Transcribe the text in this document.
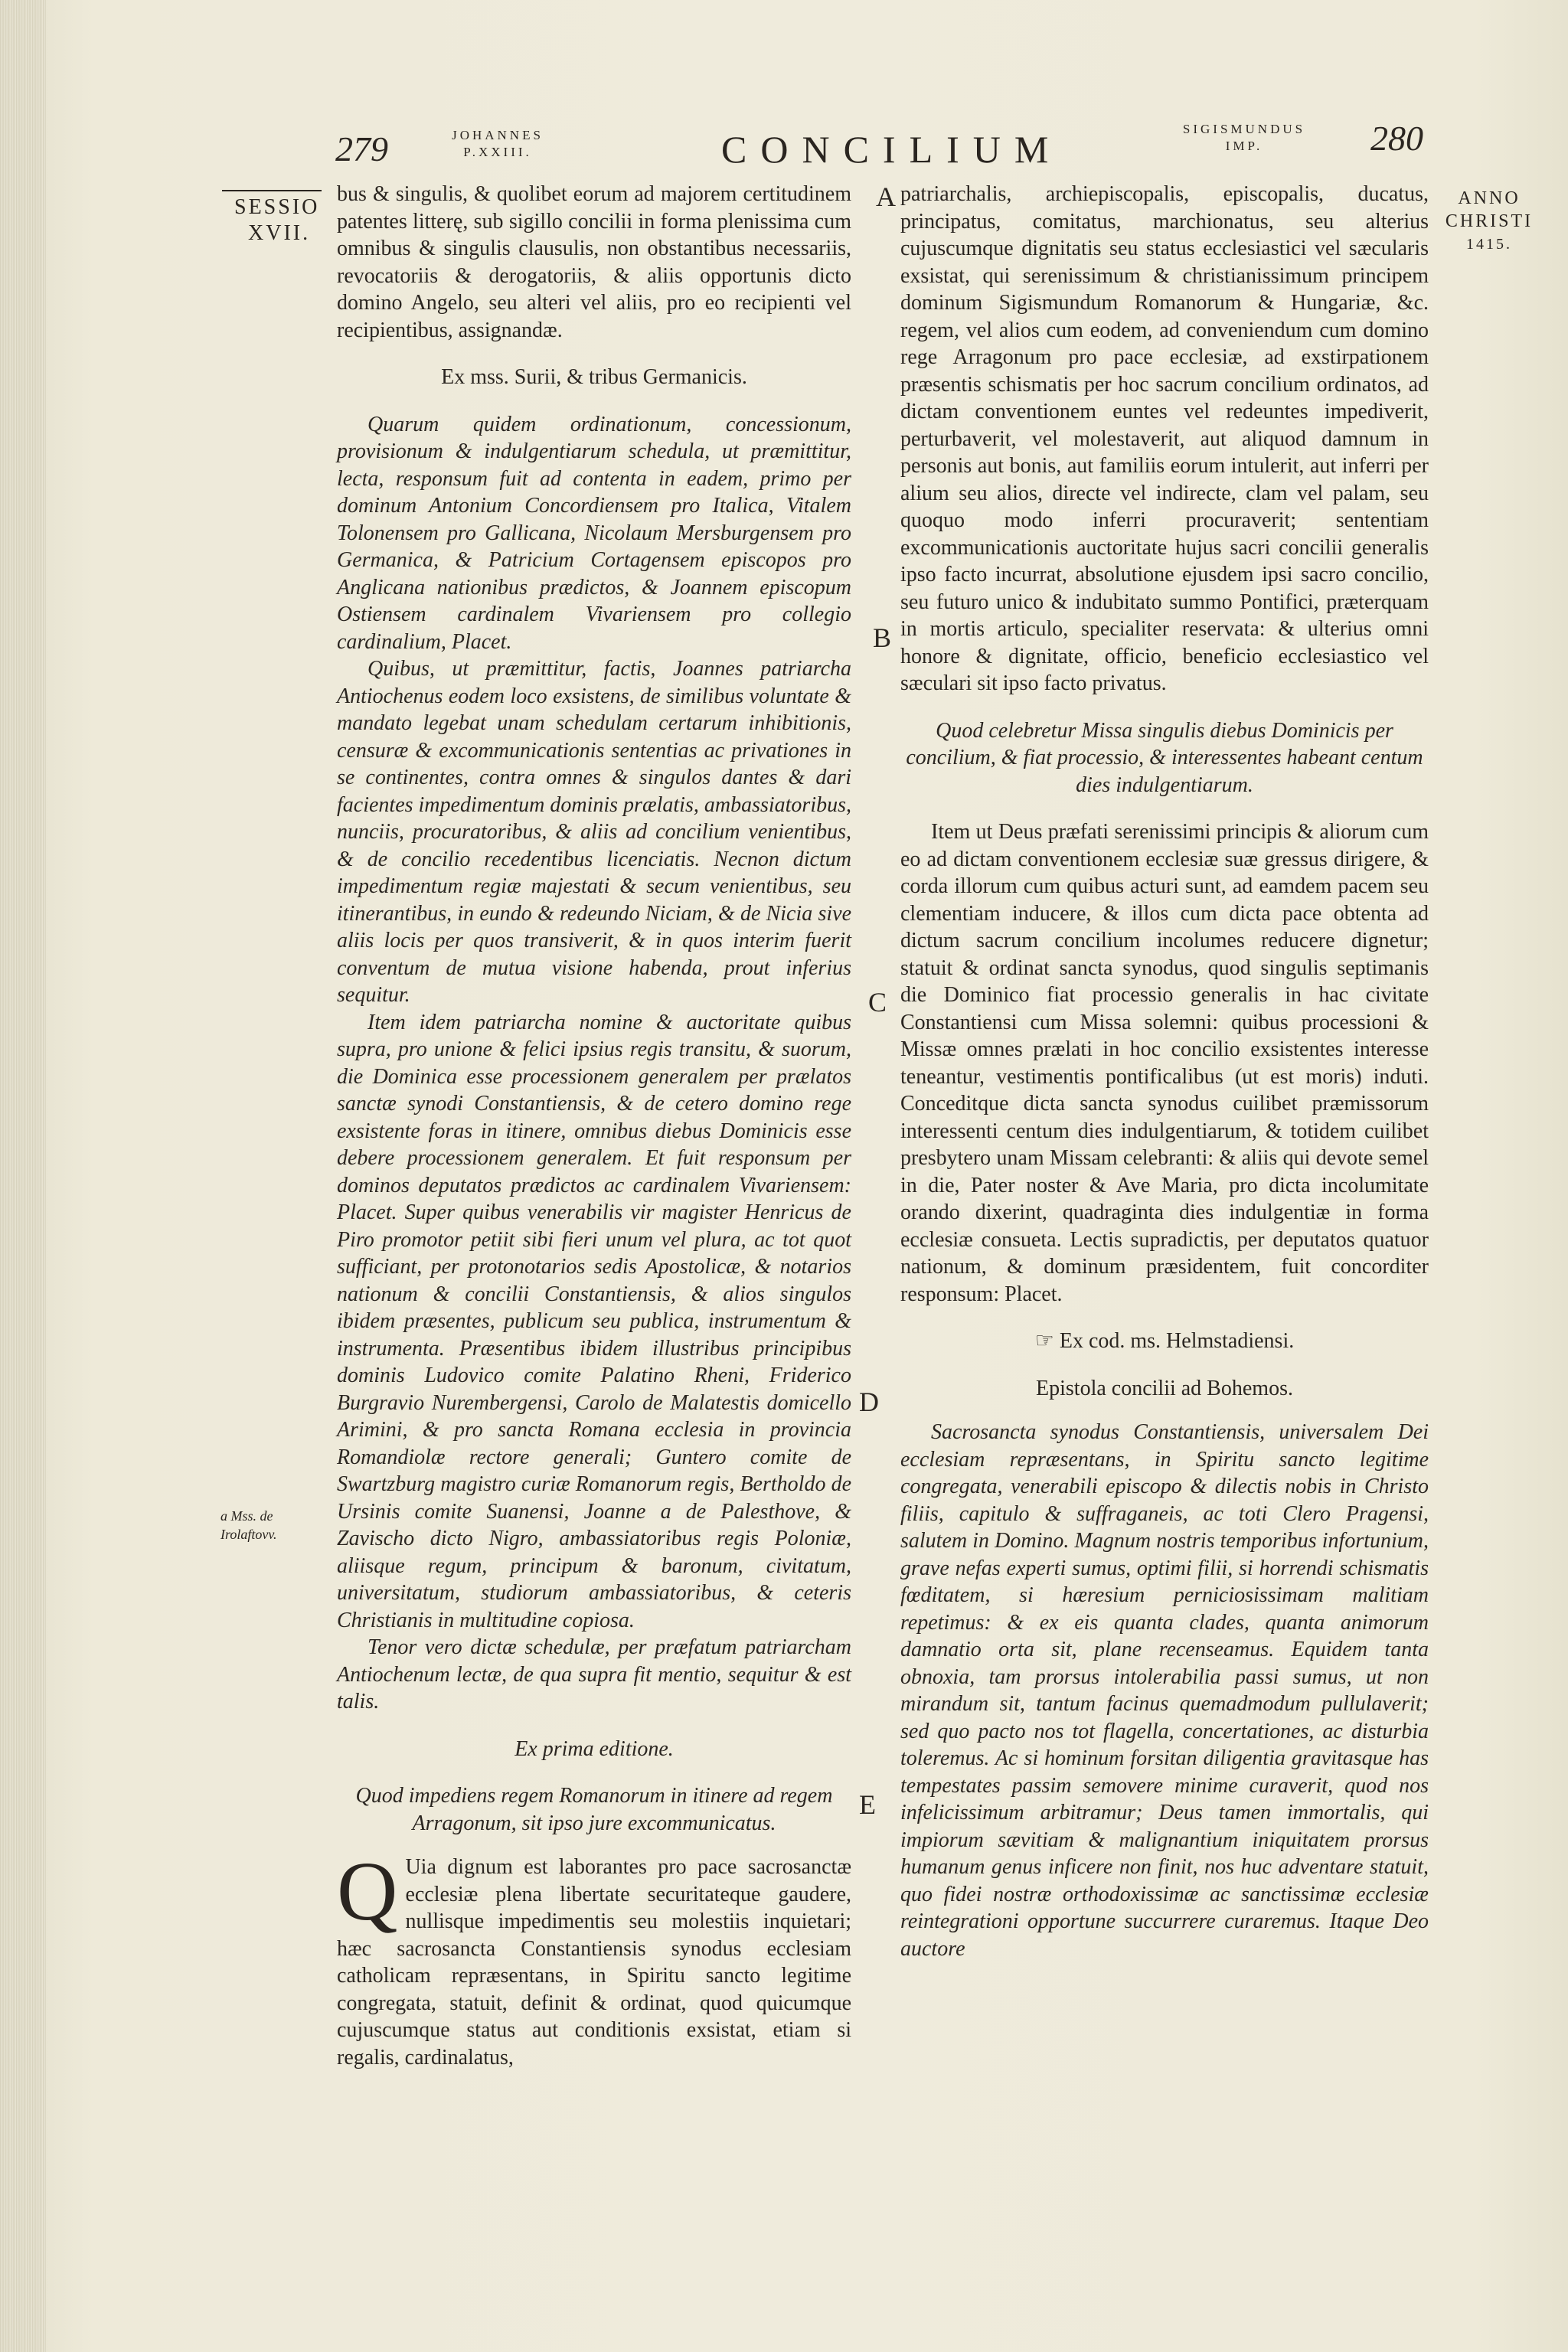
279	JOHANNES
P.XXIII.	CONCILIUM	SIGISMUNDUS
IMP.	280
SESSIO
XVII.
ANNO
CHRISTI
1415.
a Mss. de
Irolaftovv.
A
B
C
D
E

bus & singulis, & quolibet eorum ad majorem certitudinem patentes litterę, sub sigillo concilii in forma plenissima cum omnibus & singulis clausulis, non obstantibus necessariis, revocatoriis & derogatoriis, & aliis opportunis dicto domino Angelo, seu alteri vel aliis, pro eo recipienti vel recipientibus, assignandæ.

Ex mss. Surii, & tribus Germanicis.

Quarum quidem ordinationum, concessionum, provisionum & indulgentiarum schedula, ut præmittitur, lecta, responsum fuit ad contenta in eadem, primo per dominum Antonium Concordiensem pro Italica, Vitalem Tolonensem pro Gallicana, Nicolaum Mersburgensem pro Germanica, & Patricium Cortagensem episcopos pro Anglicana nationibus prædictos, & Joannem episcopum Ostiensem cardinalem Vivariensem pro collegio cardinalium, Placet.

Quibus, ut præmittitur, factis, Joannes patriarcha Antiochenus eodem loco exsistens, de similibus voluntate & mandato legebat unam schedulam certarum inhibitionis, censuræ & excommunicationis sententias ac privationes in se continentes, contra omnes & singulos dantes & dari facientes impedimentum dominis prælatis, ambassiatoribus, nunciis, procuratoribus, & aliis ad concilium venientibus, & de concilio recedentibus licenciatis. Necnon dictum impedimentum regiæ majestati & secum venientibus, seu itinerantibus, in eundo & redeundo Niciam, & de Nicia sive aliis locis per quos transiverit, & in quos interim fuerit conventum de mutua visione habenda, prout inferius sequitur.

Item idem patriarcha nomine & auctoritate quibus supra, pro unione & felici ipsius regis transitu, & suorum, die Dominica esse processionem generalem per prælatos sanctæ synodi Constantiensis, & de cetero domino rege exsistente foras in itinere, omnibus diebus Dominicis esse debere processionem generalem. Et fuit responsum per dominos deputatos prædictos ac cardinalem Vivariensem: Placet. Super quibus venerabilis vir magister Henricus de Piro promotor petiit sibi fieri unum vel plura, ac tot quot sufficiant, per protonotarios sedis Apostolicæ, & notarios nationum & concilii Constantiensis, & alios singulos ibidem præsentes, publicum seu publica, instrumentum & instrumenta. Præsentibus ibidem illustribus principibus dominis Ludovico comite Palatino Rheni, Friderico Burgravio Nurembergensi, Carolo de Malatestis domicello Arimini, & pro sancta Romana ecclesia in provincia Romandiolæ rectore generali; Guntero comite de Swartzburg magistro curiæ Romanorum regis, Bertholdo de Ursinis comite Suanensi, Joanne a de Palesthove, & Zavischo dicto Nigro, ambassiatoribus regis Poloniæ, aliisque regum, principum & baronum, civitatum, universitatum, studiorum ambassiatoribus, & ceteris Christianis in multitudine copiosa.

Tenor vero dictæ schedulæ, per præfatum patriarcham Antiochenum lectæ, de qua supra fit mentio, sequitur & est talis.

Ex prima editione.

Quod impediens regem Romanorum in itinere ad regem Arragonum, sit ipso jure excommunicatus.

Q Uia dignum est laborantes pro pace sacrosanctæ ecclesiæ plena libertate securitateque gaudere, nullisque impedimentis seu molestiis inquietari; hæc sacrosancta Constantiensis synodus ecclesiam catholicam repræsentans, in Spiritu sancto legitime congregata, statuit, definit & ordinat, quod quicumque cujuscumque status aut conditionis exsistat, etiam si regalis, cardinalatus,

patriarchalis, archiepiscopalis, episcopalis, ducatus, principatus, comitatus, marchionatus, seu alterius cujuscumque dignitatis seu status ecclesiastici vel sæcularis exsistat, qui serenissimum & christianissimum principem dominum Sigismundum Romanorum & Hungariæ, &c. regem, vel alios cum eodem, ad conveniendum cum domino rege Arragonum pro pace ecclesiæ, ad exstirpationem præsentis schismatis per hoc sacrum concilium ordinatos, ad dictam conventionem euntes vel redeuntes impediverit, perturbaverit, vel molestaverit, aut aliquod damnum in personis aut bonis, aut familiis eorum intulerit, aut inferri per alium seu alios, directe vel indirecte, clam vel palam, seu quoquo modo inferri procuraverit; sententiam excommunicationis auctoritate hujus sacri concilii generalis ipso facto incurrat, absolutione ejusdem ipsi sacro concilio, seu futuro unico & indubitato summo Pontifici, præterquam in mortis articulo, specialiter reservata: & ulterius omni honore & dignitate, officio, beneficio ecclesiastico vel sæculari sit ipso facto privatus.

Quod celebretur Missa singulis diebus Dominicis per concilium, & fiat processio, & interessentes habeant centum dies indulgentiarum.

Item ut Deus præfati serenissimi principis & aliorum cum eo ad dictam conventionem ecclesiæ suæ gressus dirigere, & corda illorum cum quibus acturi sunt, ad eamdem pacem seu clementiam inducere, & illos cum dicta pace obtenta ad dictum sacrum concilium incolumes reducere dignetur; statuit & ordinat sancta synodus, quod singulis septimanis die Dominico fiat processio generalis in hac civitate Constantiensi cum Missa solemni: quibus processioni & Missæ omnes prælati in hoc concilio exsistentes interesse teneantur, vestimentis pontificalibus (ut est moris) induti. Conceditque dicta sancta synodus cuilibet præmissorum interessenti centum dies indulgentiarum, & totidem cuilibet presbytero unam Missam celebranti: & aliis qui devote semel in die, Pater noster & Ave Maria, pro dicta incolumitate orando dixerint, quadraginta dies indulgentiæ in forma ecclesiæ consueta. Lectis supradictis, per deputatos quatuor nationum, & dominum præsidentem, fuit concorditer responsum: Placet.

☞ Ex cod. ms. Helmstadiensi.

Epistola concilii ad Bohemos.

Sacrosancta synodus Constantiensis, universalem Dei ecclesiam repræsentans, in Spiritu sancto legitime congregata, venerabili episcopo & dilectis nobis in Christo filiis, capitulo & suffraganeis, ac toti Clero Pragensi, salutem in Domino. Magnum nostris temporibus infortunium, grave nefas experti sumus, optimi filii, si horrendi schismatis fœditatem, si hæresium perniciosissimam malitiam repetimus: & ex eis quanta clades, quanta animorum damnatio orta sit, plane recenseamus. Equidem tanta obnoxia, tam prorsus intolerabilia passi sumus, ut non mirandum sit, tantum facinus quemadmodum pullulaverit; sed quo pacto nos tot flagella, concertationes, ac disturbia toleremus. Ac si hominum forsitan diligentia gravitasque has tempestates passim semovere minime curaverit, quod nos infelicissimum arbitramur; Deus tamen immortalis, qui impiorum sævitiam & malignantium iniquitatem prorsus humanum genus inficere non finit, nos huc adventare statuit, quo fidei nostræ orthodoxissimæ ac sanctissimæ ecclesiæ reintegrationi opportune succurrere curaremus. Itaque Deo auctore
